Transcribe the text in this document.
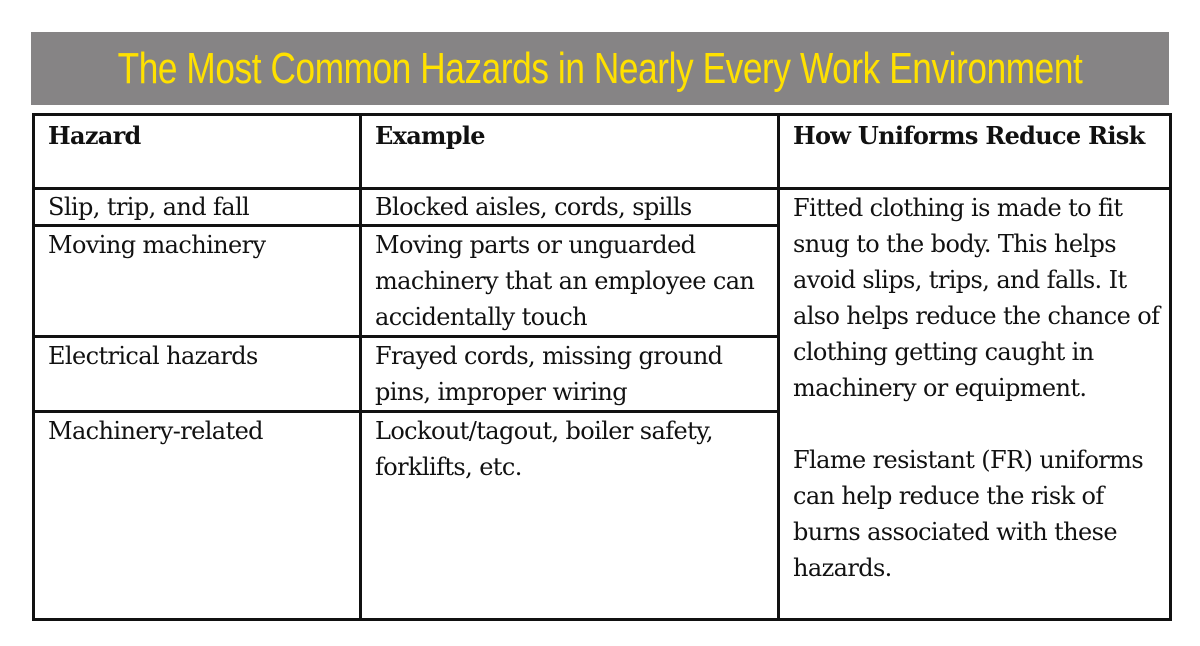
The Most Common Hazards in Nearly Every Work Environment
Hazard	Example	How Uniforms Reduce Risk
Slip, trip, and fall	Blocked aisles, cords, spills	Fitted clothing is made to fit snug to the body. This helps avoid slips, trips, and falls. It also helps reduce the chance of clothing getting caught in machinery or equipment.

Flame resistant (FR) uniforms can help reduce the risk of burns associated with these hazards.

Moving machinery	Moving parts or unguarded machinery that an employee can accidentally touch	
Electrical hazards	Frayed cords, missing ground pins, improper wiring	
Machinery-related	Lockout/tagout, boiler safety, forklifts, etc.	
